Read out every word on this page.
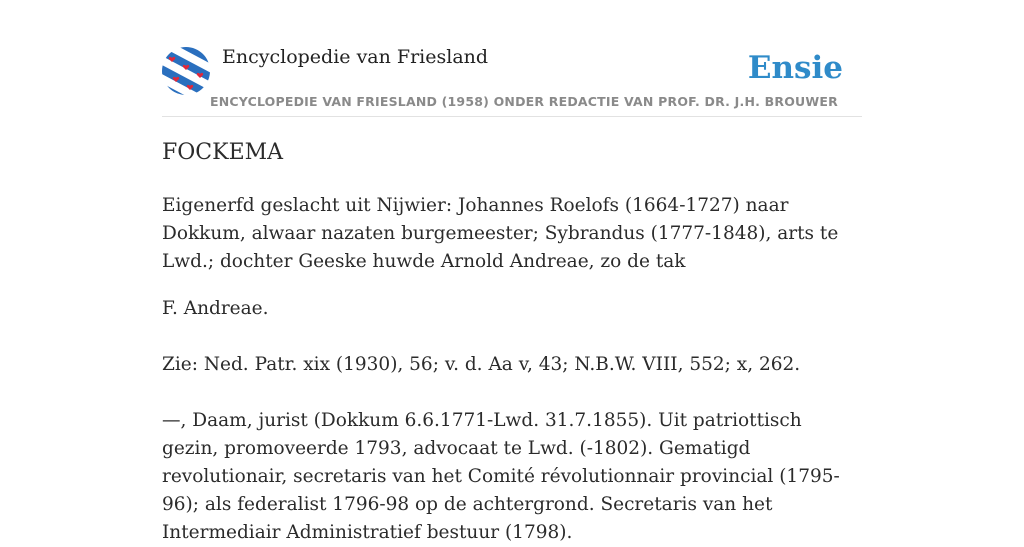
Encyclopedie van Friesland	Ensie
ENCYCLOPEDIE VAN FRIESLAND (1958) ONDER REDACTIE VAN PROF. DR. J.H. BROUWER
FOCKEMA

Eigenerfd geslacht uit Nijwier: Johannes Roelofs (1664-1727) naar Dokkum, alwaar nazaten burgemeester; Sybrandus (1777-1848), arts te Lwd.; dochter Geeske huwde Arnold Andreae, zo de tak

F. Andreae.

Zie: Ned. Patr. xix (1930), 56; v. d. Aa v, 43; N.B.W. VIII, 552; x, 262.

—, Daam, jurist (Dokkum 6.6.1771-Lwd. 31.7.1855). Uit patriottisch gezin, promoveerde 1793, advocaat te Lwd. (-1802). Gematigd revolutionair, secretaris van het Comité révolutionnair provincial (1795-96); als federalist 1796-98 op de achtergrond. Secretaris van het Intermediair Administratief bestuur (1798).
